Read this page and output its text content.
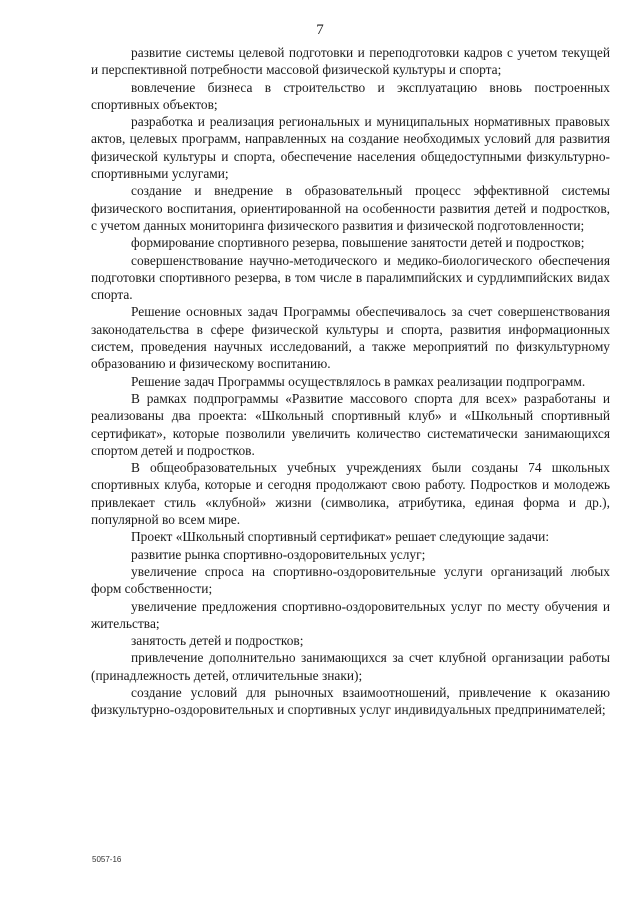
7

развитие системы целевой подготовки и переподготовки кадров с учетом текущей и перспективной потребности массовой физической культуры и спорта;

вовлечение бизнеса в строительство и эксплуатацию вновь построенных спортивных объектов;

разработка и реализация региональных и муниципальных нормативных правовых актов, целевых программ, направленных на создание необходимых условий для развития физической культуры и спорта, обеспечение населения общедоступными физкультурно-спортивными услугами;

создание и внедрение в образовательный процесс эффективной системы физического воспитания, ориентированной на особенности развития детей и подростков, с учетом данных мониторинга физического развития и физической подготовленности;

формирование спортивного резерва, повышение занятости детей и подростков;

совершенствование научно-методического и медико-биологического обеспечения подготовки спортивного резерва, в том числе в паралимпийских и сурдлимпийских видах спорта.

Решение основных задач Программы обеспечивалось за счет совершенствования законодательства в сфере физической культуры и спорта, развития информационных систем, проведения научных исследований, а также мероприятий по физкультурному образованию и физическому воспитанию.

Решение задач Программы осуществлялось в рамках реализации подпрограмм.

В рамках подпрограммы «Развитие массового спорта для всех» разработаны и реализованы два проекта: «Школьный спортивный клуб» и «Школьный спортивный сертификат», которые позволили увеличить количество систематически занимающихся спортом детей и подростков.

В общеобразовательных учебных учреждениях были созданы 74 школьных спортивных клуба, которые и сегодня продолжают свою работу. Подростков и молодежь привлекает стиль «клубной» жизни (символика, атрибутика, единая форма и др.), популярной во всем мире.

Проект «Школьный спортивный сертификат» решает следующие задачи:

развитие рынка спортивно-оздоровительных услуг;

увеличение спроса на спортивно-оздоровительные услуги организаций любых форм собственности;

увеличение предложения спортивно-оздоровительных услуг по месту обучения и жительства;

занятость детей и подростков;

привлечение дополнительно занимающихся за счет клубной организации работы (принадлежность детей, отличительные знаки);

создание условий для рыночных взаимоотношений, привлечение к оказанию физкультурно-оздоровительных и спортивных услуг индивидуальных предпринимателей;

5057-16
